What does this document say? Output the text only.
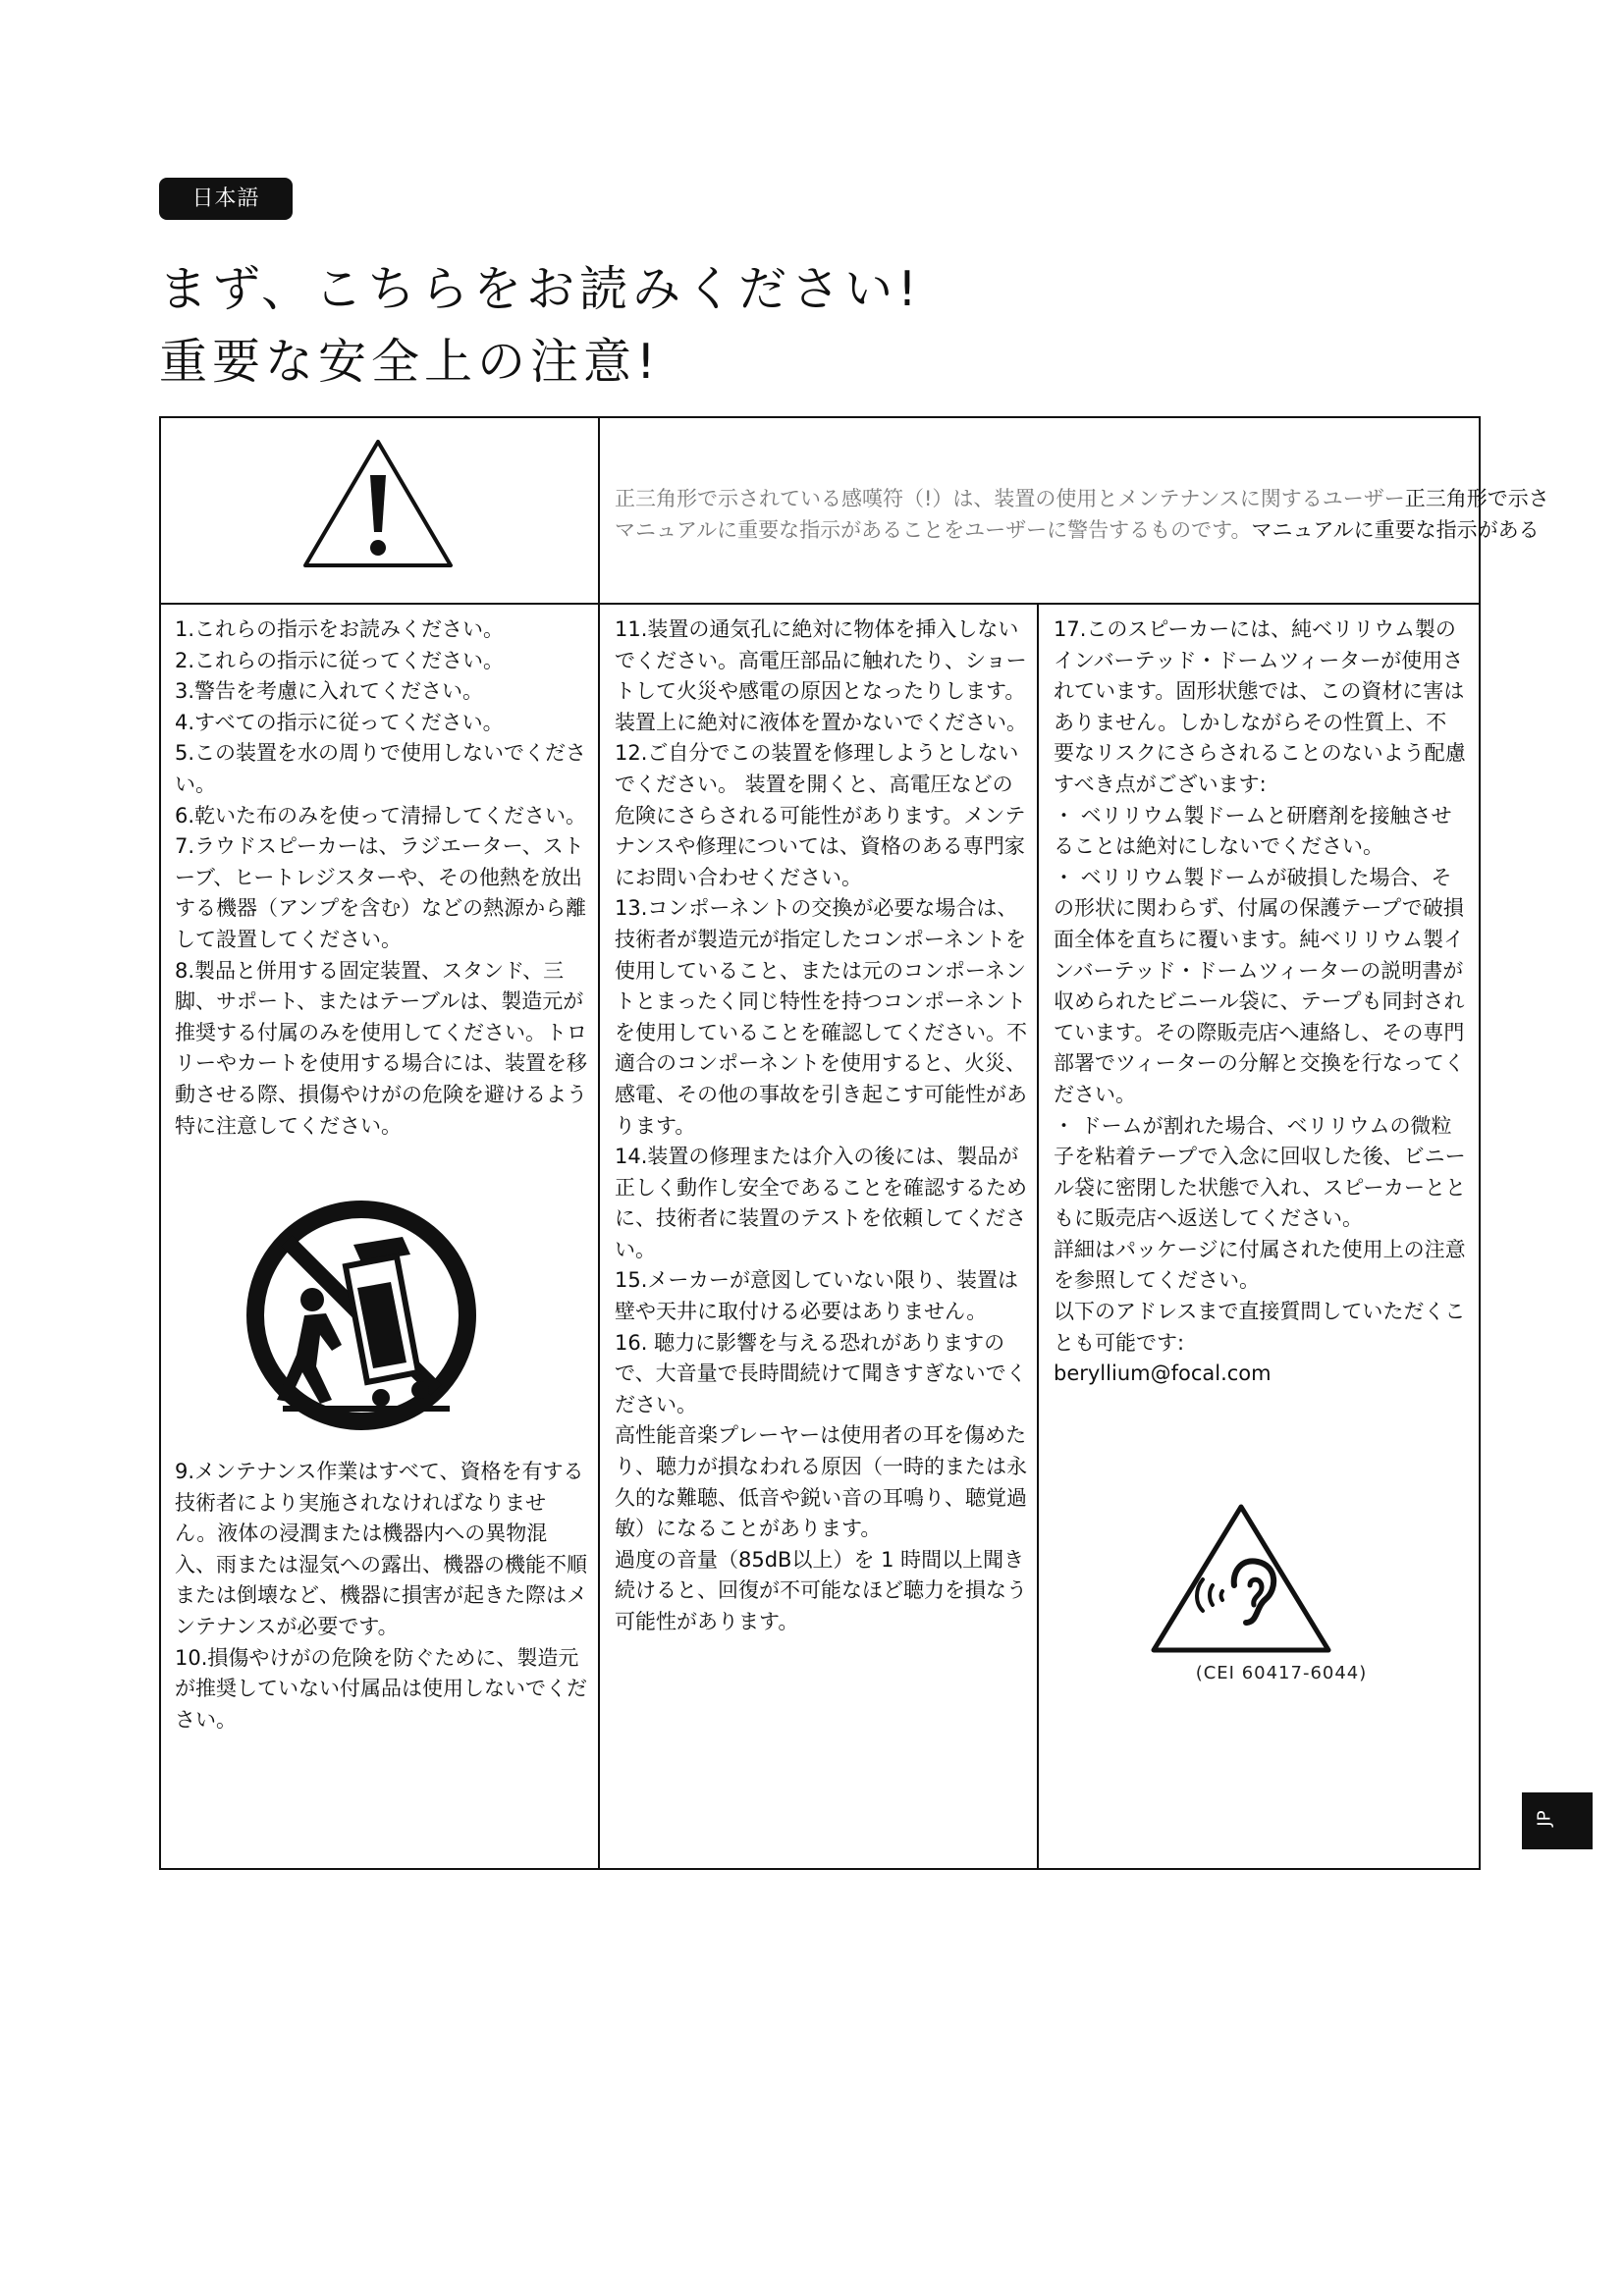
日本語
まず、こちらをお読みください!
重要な安全上の注意!
正三角形で示されている感嘆符（!）は、装置の使用とメンテナンスに関するユーザー正三角形で示さ
マニュアルに重要な指示があることをユーザーに警告するものです。マニュアルに重要な指示がある

1.これらの指示をお読みください。

2.これらの指示に従ってください。

3.警告を考慮に入れてください。

4.すべての指示に従ってください。

5.この装置を水の周りで使用しないでください。

6.乾いた布のみを使って清掃してください。

7.ラウドスピーカーは、ラジエーター、ストーブ、ヒートレジスターや、その他熱を放出する機器（アンプを含む）などの熱源から離して設置してください。

8.製品と併用する固定装置、スタンド、三脚、サポート、またはテーブルは、製造元が推奨する付属のみを使用してください。トロリーやカートを使用する場合には、装置を移動させる際、損傷やけがの危険を避けるよう特に注意してください。

9.メンテナンス作業はすべて、資格を有する技術者により実施されなければなりません。液体の浸潤または機器内への異物混入、雨または湿気への露出、機器の機能不順または倒壊など、機器に損害が起きた際はメンテナンスが必要です。

10.損傷やけがの危険を防ぐために、製造元が推奨していない付属品は使用しないでください。

11.装置の通気孔に絶対に物体を挿入しないでください。高電圧部品に触れたり、ショートして火災や感電の原因となったりします。装置上に絶対に液体を置かないでください。

12.ご自分でこの装置を修理しようとしないでください。 装置を開くと、高電圧などの危険にさらされる可能性があります。メンテナンスや修理については、資格のある専門家にお問い合わせください。

13.コンポーネントの交換が必要な場合は、技術者が製造元が指定したコンポーネントを使用していること、または元のコンポーネントとまったく同じ特性を持つコンポーネントを使用していることを確認してください。不適合のコンポーネントを使用すると、火災、感電、その他の事故を引き起こす可能性があります。

14.装置の修理または介入の後には、製品が正しく動作し安全であることを確認するために、技術者に装置のテストを依頼してください。

15.メーカーが意図していない限り、装置は 壁や天井に取付ける必要はありません。

16. 聴力に影響を与える恐れがありますので、大音量で長時間続けて聞きすぎないでください。

高性能音楽プレーヤーは使用者の耳を傷めたり、聴力が損なわれる原因（一時的または永久的な難聴、低音や鋭い音の耳鳴り、聴覚過敏）になることがあります。

過度の音量（85dB以上）を 1 時間以上聞き続けると、回復が不可能なほど聴力を損なう可能性があります。

17.このスピーカーには、純ベリリウム製のインバーテッド・ドームツィーターが使用されています。固形状態では、この資材に害はありません。しかしながらその性質上、不要なリスクにさらされることのないよう配慮すべき点がございます:

・ ベリリウム製ドームと研磨剤を接触させることは絶対にしないでください。

・ ベリリウム製ドームが破損した場合、その形状に関わらず、付属の保護テープで破損面全体を直ちに覆います。純ベリリウム製インバーテッド・ドームツィーターの説明書が収められたビニール袋に、テープも同封されています。その際販売店へ連絡し、その専門部署でツィーターの分解と交換を行なってください。

・ ドームが割れた場合、ベリリウムの微粒子を粘着テープで入念に回収した後、ビニール袋に密閉した状態で入れ、スピーカーとともに販売店へ返送してください。

詳細はパッケージに付属された使用上の注意を参照してください。

以下のアドレスまで直接質問していただくことも可能です:

beryllium@focal.com

(CEI 60417-6044)
JP
